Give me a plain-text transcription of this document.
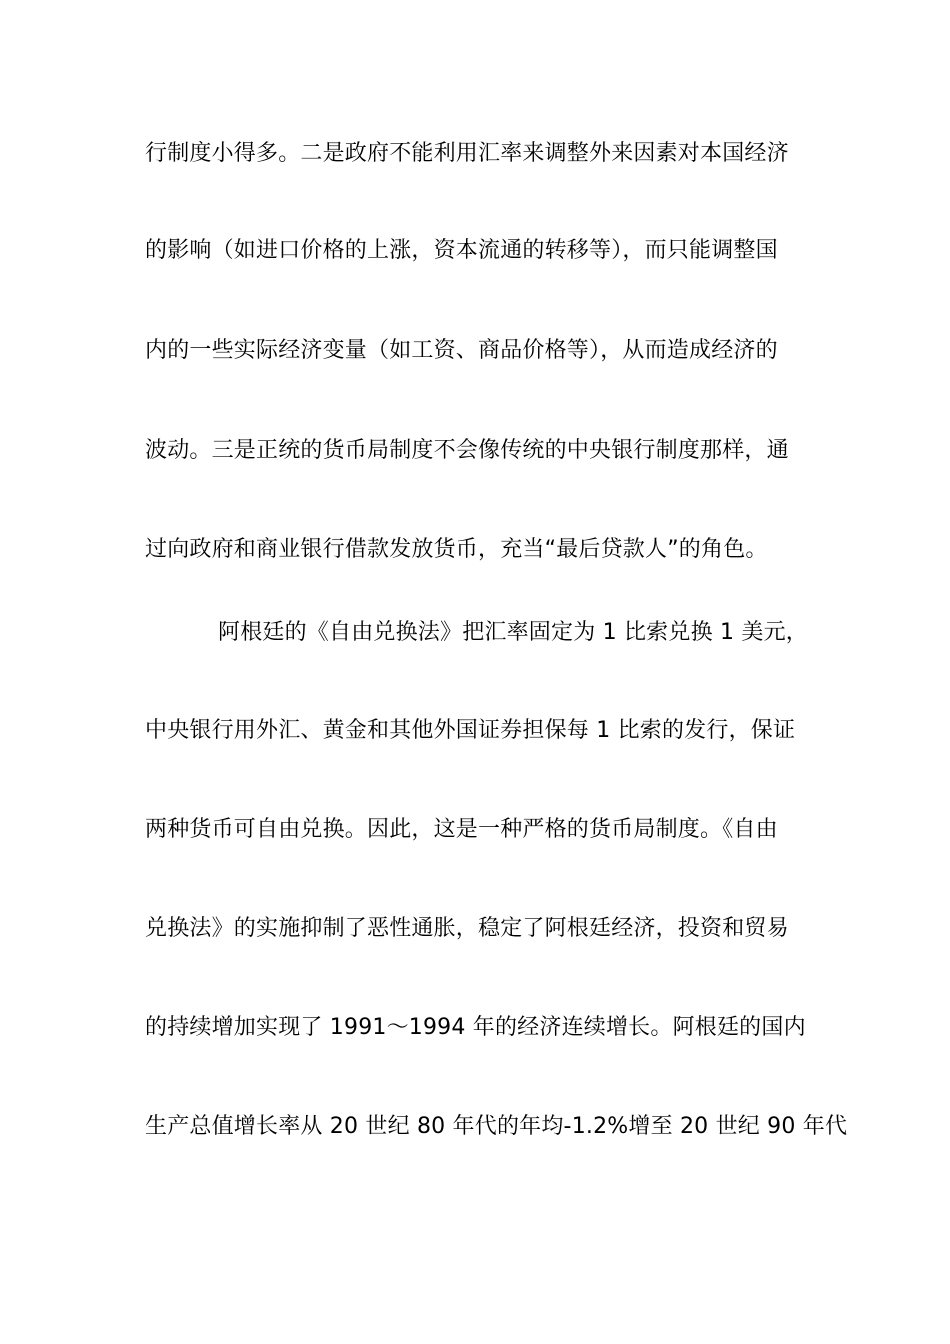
行制度小得多。二是政府不能利用汇率来调整外来因素对本国经济
的影响（如进口价格的上涨，资本流通的转移等），而只能调整国
内的一些实际经济变量（如工资、商品价格等），从而造成经济的
波动。三是正统的货币局制度不会像传统的中央银行制度那样，通
过向政府和商业银行借款发放货币，充当“最后贷款人”的角色。
阿根廷的《自由兑换法》把汇率固定为 1 比索兑换 1 美元，
中央银行用外汇、黄金和其他外国证券担保每 1 比索的发行，保证
两种货币可自由兑换。因此，这是一种严格的货币局制度。《自由
兑换法》的实施抑制了恶性通胀，稳定了阿根廷经济，投资和贸易
的持续增加实现了 1991～1994 年的经济连续增长。阿根廷的国内
生产总值增长率从 20 世纪 80 年代的年均-1.2%增至 20 世纪 90 年代
